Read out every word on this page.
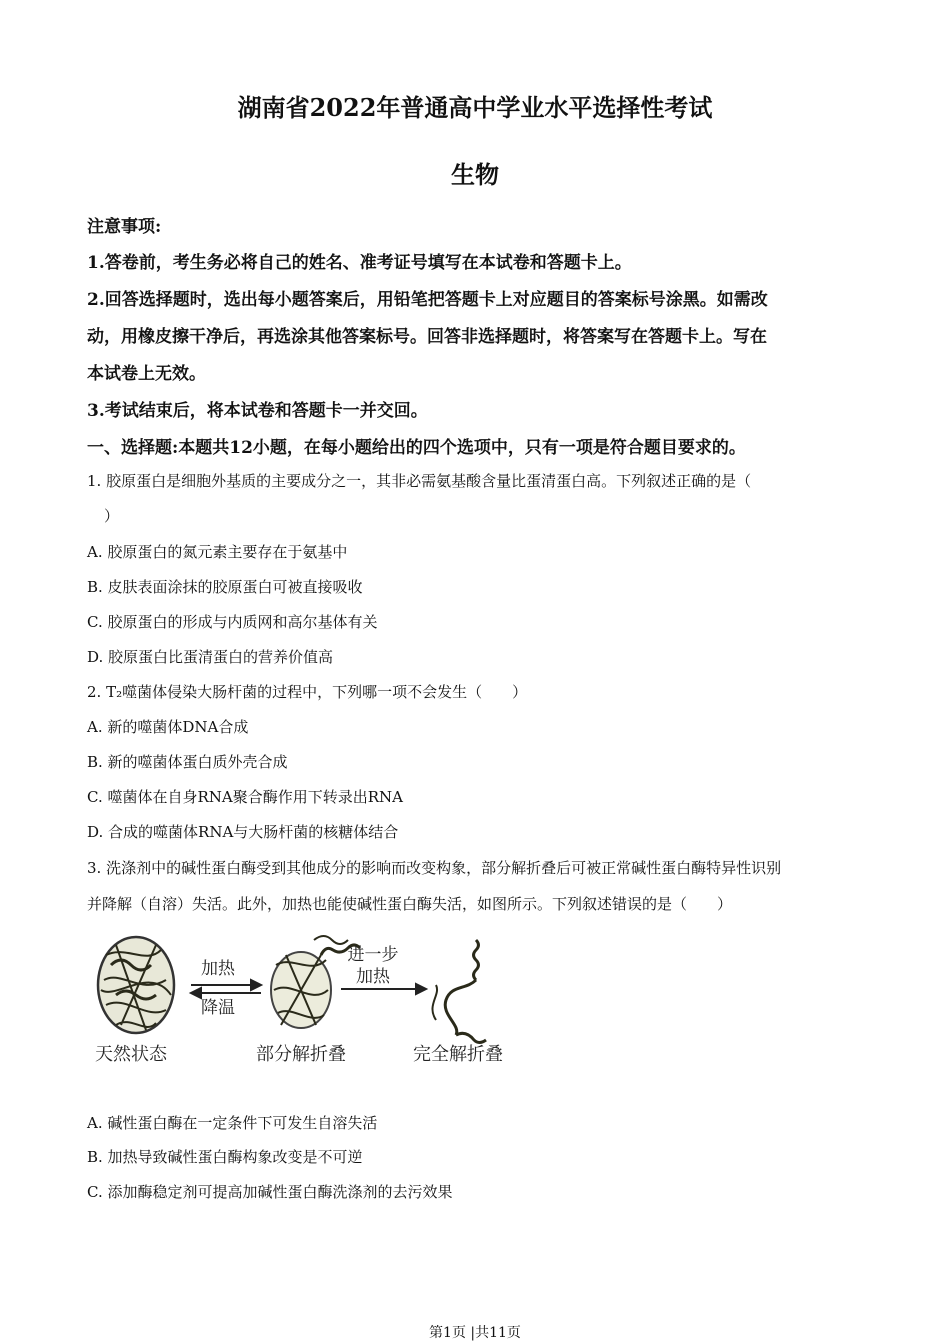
湖南省2022年普通高中学业水平选择性考试
生物
注意事项:
1.答卷前，考生务必将自己的姓名、准考证号填写在本试卷和答题卡上。
2.回答选择题时，选出每小题答案后，用铅笔把答题卡上对应题目的答案标号涂黑。如需改
动，用橡皮擦干净后，再选涂其他答案标号。回答非选择题时，将答案写在答题卡上。写在
本试卷上无效。
3.考试结束后，将本试卷和答题卡一并交回。
一、选择题:本题共12小题，在每小题给出的四个选项中，只有一项是符合题目要求的。
1. 胶原蛋白是细胞外基质的主要成分之一，其非必需氨基酸含量比蛋清蛋白高。下列叙述正确的是（
）
A. 胶原蛋白的氮元素主要存在于氨基中
B. 皮肤表面涂抹的胶原蛋白可被直接吸收
C. 胶原蛋白的形成与内质网和高尔基体有关
D. 胶原蛋白比蛋清蛋白的营养价值高
2. T₂噬菌体侵染大肠杆菌的过程中，下列哪一项不会发生（　　）
A. 新的噬菌体DNA合成
B. 新的噬菌体蛋白质外壳合成
C. 噬菌体在自身RNA聚合酶作用下转录出RNA
D. 合成的噬菌体RNA与大肠杆菌的核糖体结合
3. 洗涤剂中的碱性蛋白酶受到其他成分的影响而改变构象，部分解折叠后可被正常碱性蛋白酶特异性识别
并降解（自溶）失活。此外，加热也能使碱性蛋白酶失活，如图所示。下列叙述错误的是（　　）
加热
降温
进一步
加热
天然状态	部分解折叠	完全解折叠
A. 碱性蛋白酶在一定条件下可发生自溶失活
B. 加热导致碱性蛋白酶构象改变是不可逆
C. 添加酶稳定剂可提高加碱性蛋白酶洗涤剂的去污效果
第1页 |共11页
